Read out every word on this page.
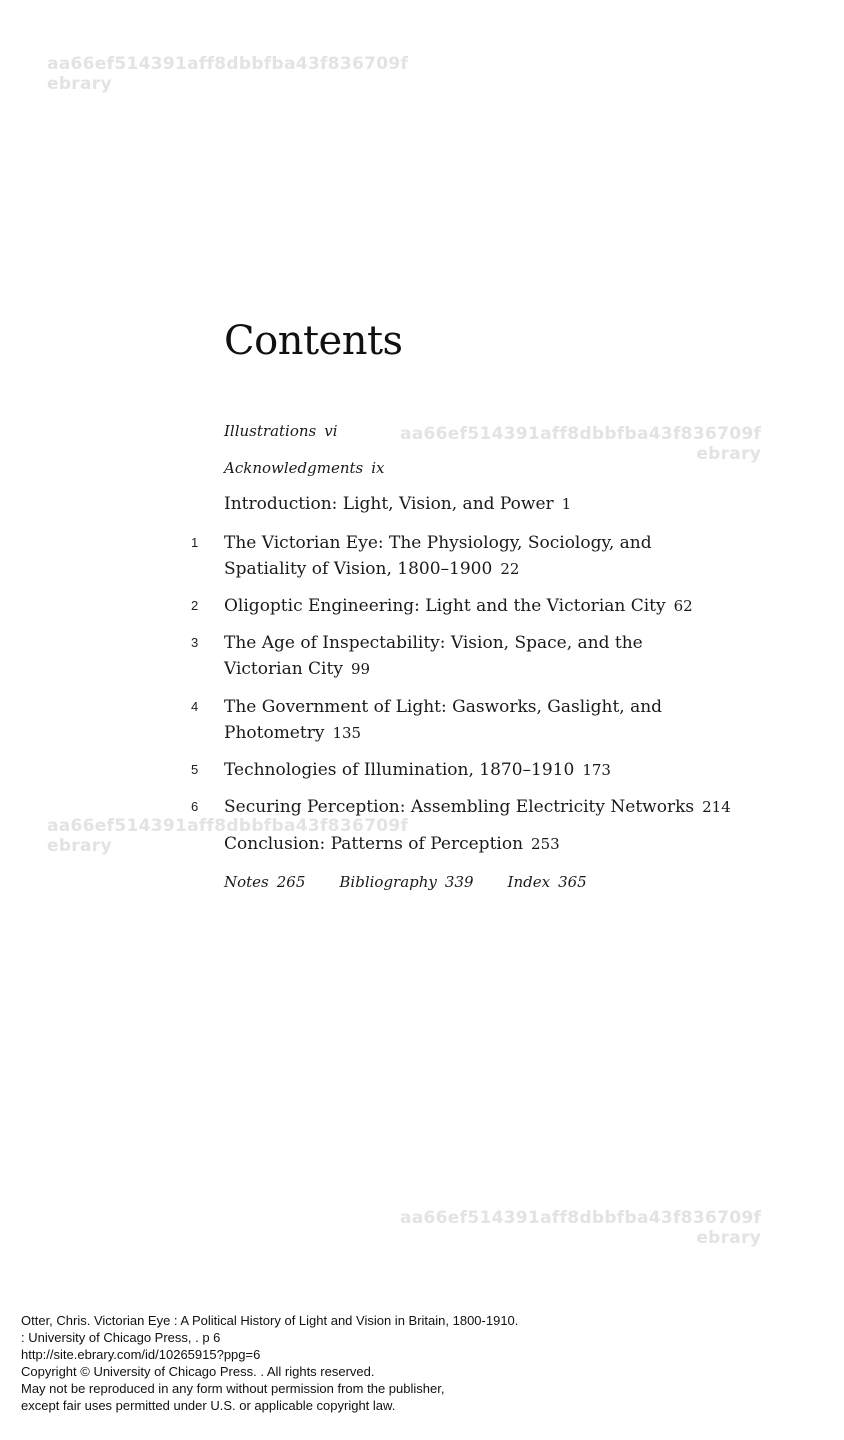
aa66ef514391aff8dbbfba43f836709f
ebrary
aa66ef514391aff8dbbfba43f836709f
ebrary
aa66ef514391aff8dbbfba43f836709f
ebrary
aa66ef514391aff8dbbfba43f836709f
ebrary
Contents
Illustrations vi
Acknowledgments ix
Introduction: Light, Vision, and Power 1
1 The Victorian Eye: The Physiology, Sociology, and
Spatiality of Vision, 1800–1900 22
2 Oligoptic Engineering: Light and the Victorian City 62
3 The Age of Inspectability: Vision, Space, and the
Victorian City 99
4 The Government of Light: Gasworks, Gaslight, and
Photometry 135
5 Technologies of Illumination, 1870–1910 173
6 Securing Perception: Assembling Electricity Networks 214
Conclusion: Patterns of Perception 253
Notes 265 Bibliography 339 Index 365
Otter, Chris. Victorian Eye : A Political History of Light and Vision in Britain, 1800-1910.
: University of Chicago Press, . p 6
http://site.ebrary.com/id/10265915?ppg=6
Copyright © University of Chicago Press. . All rights reserved.
May not be reproduced in any form without permission from the publisher,
except fair uses permitted under U.S. or applicable copyright law.
